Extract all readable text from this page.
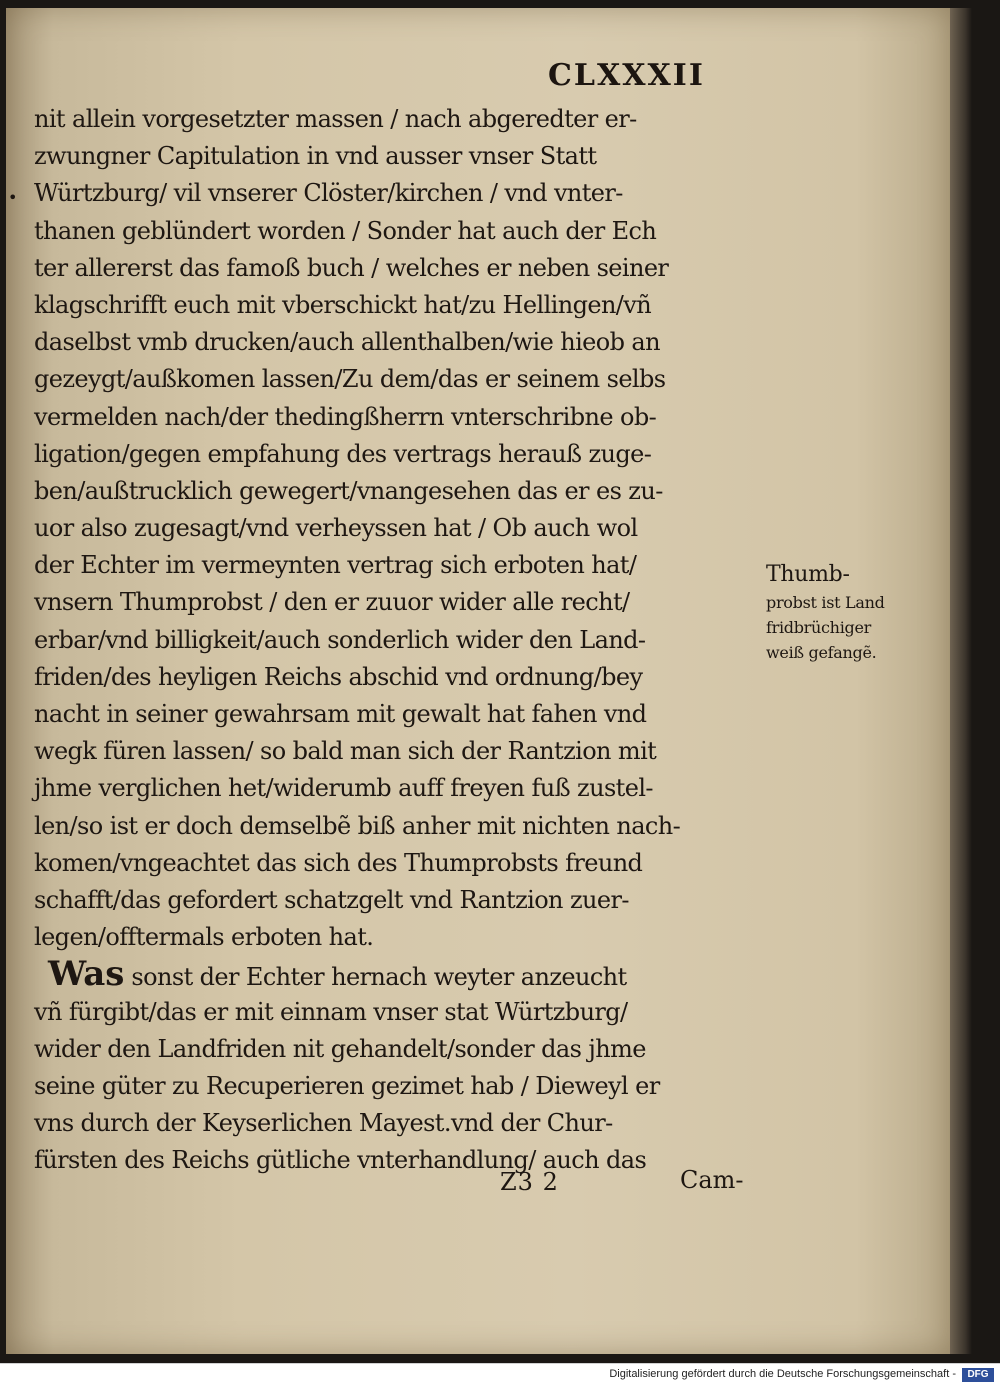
CLXXXII
•
nit allein vorgesetzter massen / nach abgeredter er-
zwungner Capitulation in vnd ausser vnser Statt
Würtzburg/ vil vnserer Clöster/kirchen / vnd vnter-
thanen geblündert worden / Sonder hat auch der Ech
ter allererst das famoß buch / welches er neben seiner
klagschrifft euch mit vberschickt hat/zu Hellingen/vñ
daselbst vmb drucken/auch allenthalben/wie hieob an
gezeygt/außkomen lassen/Zu dem/das er seinem selbs
vermelden nach/der thedingßherrn vnterschribne ob-
ligation/gegen empfahung des vertrags herauß zuge-
ben/außtrucklich gewegert/vnangesehen das er es zu-
uor also zugesagt/vnd verheyssen hat / Ob auch wol
der Echter im vermeynten vertrag sich erboten hat/
vnsern Thumprobst / den er zuuor wider alle recht/
erbar/vnd billigkeit/auch sonderlich wider den Land-
friden/des heyligen Reichs abschid vnd ordnung/bey
nacht in seiner gewahrsam mit gewalt hat fahen vnd
wegk füren lassen/ so bald man sich der Rantzion mit
jhme verglichen het/widerumb auff freyen fuß zustel-
len/so ist er doch demselbẽ biß anher mit nichten nach-
komen/vngeachtet das sich des Thumprobsts freund
schafft/das gefordert schatzgelt vnd Rantzion zuer-
legen/offtermals erboten hat.
Was sonst der Echter hernach weyter anzeucht
vñ fürgibt/das er mit einnam vnser stat Würtzburg/
wider den Landfriden nit gehandelt/sonder das jhme
seine güter zu Recuperieren gezimet hab / Dieweyl er
vns durch der Keyserlichen Mayest.vnd der Chur-
fürsten des Reichs gütliche vnterhandlung/ auch das
Thumb-
probst ist Land
fridbrüchiger
weiß gefangẽ.
Z3 2	Cam-
Digitalisierung gefördert durch die Deutsche Forschungsgemeinschaft -	DFG
